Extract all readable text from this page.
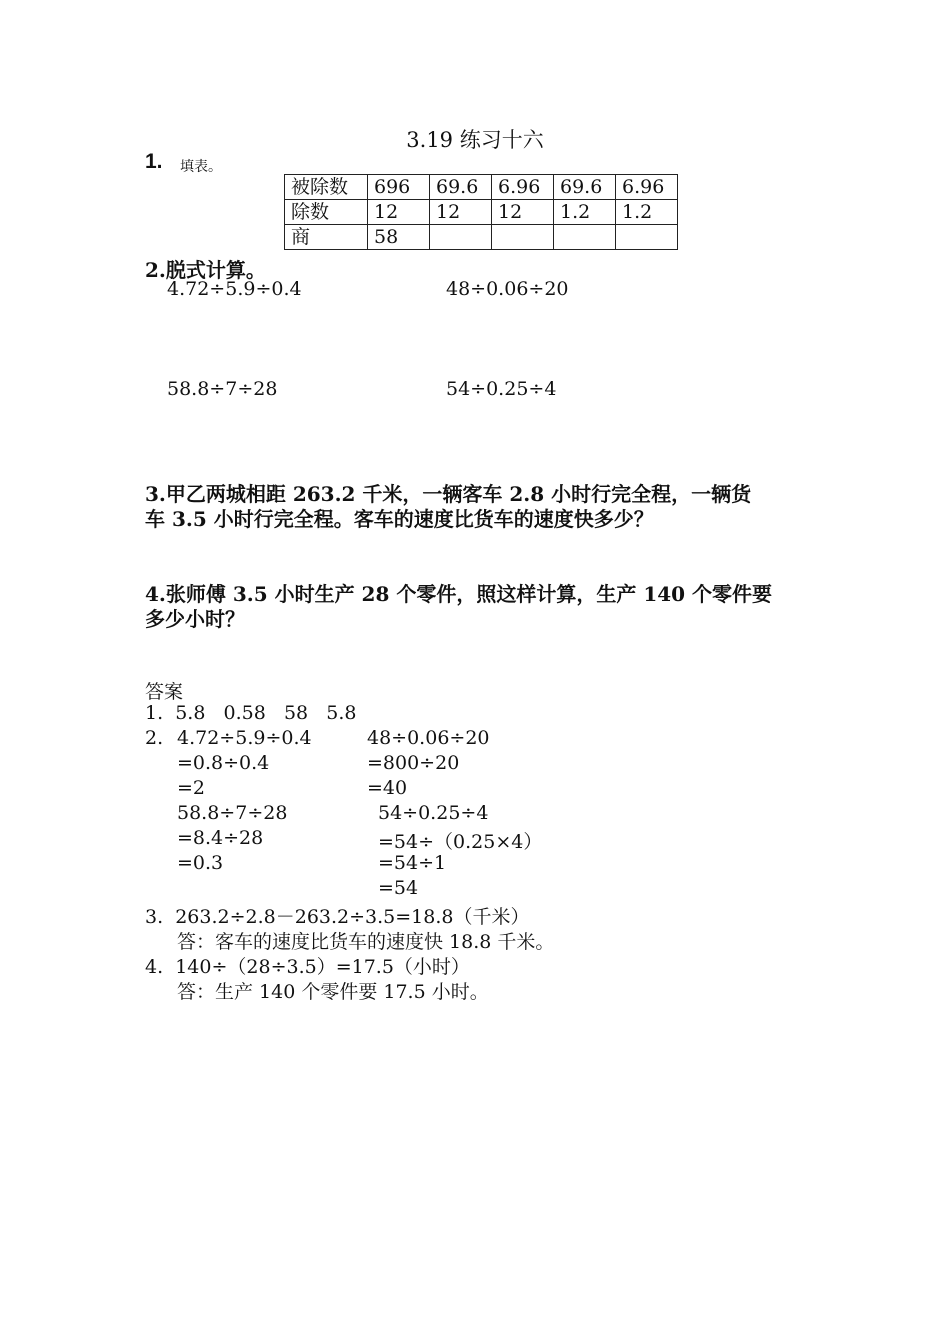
3.19 练习十六
1. 填表。
被除数	696	69.6	6.96	69.6	6.96
除数	12	12	12	1.2	1.2
商	58				
2.脱式计算。
4.72÷5.9÷0.4	48÷0.06÷20
58.8÷7÷28	54÷0.25÷4
3.甲乙两城相距 263.2 千米，一辆客车 2.8 小时行完全程，一辆货
车 3.5 小时行完全程。客车的速度比货车的速度快多少？
4.张师傅 3.5 小时生产 28 个零件，照这样计算，生产 140 个零件要
多少小时？
答案
1.  5.8   0.58   58   5.8
2. 4.72÷5.9÷0.4
=0.8÷0.4
=2
58.8÷7÷28
=8.4÷28
=0.3
48÷0.06÷20
=800÷20
=40
54÷0.25÷4
=54÷（0.25×4）
=54÷1
=54
3.  263.2÷2.8－263.2÷3.5=18.8（千米）
答：客车的速度比货车的速度快 18.8 千米。
4.  140÷（28÷3.5）=17.5（小时）
答：生产 140 个零件要 17.5 小时。
